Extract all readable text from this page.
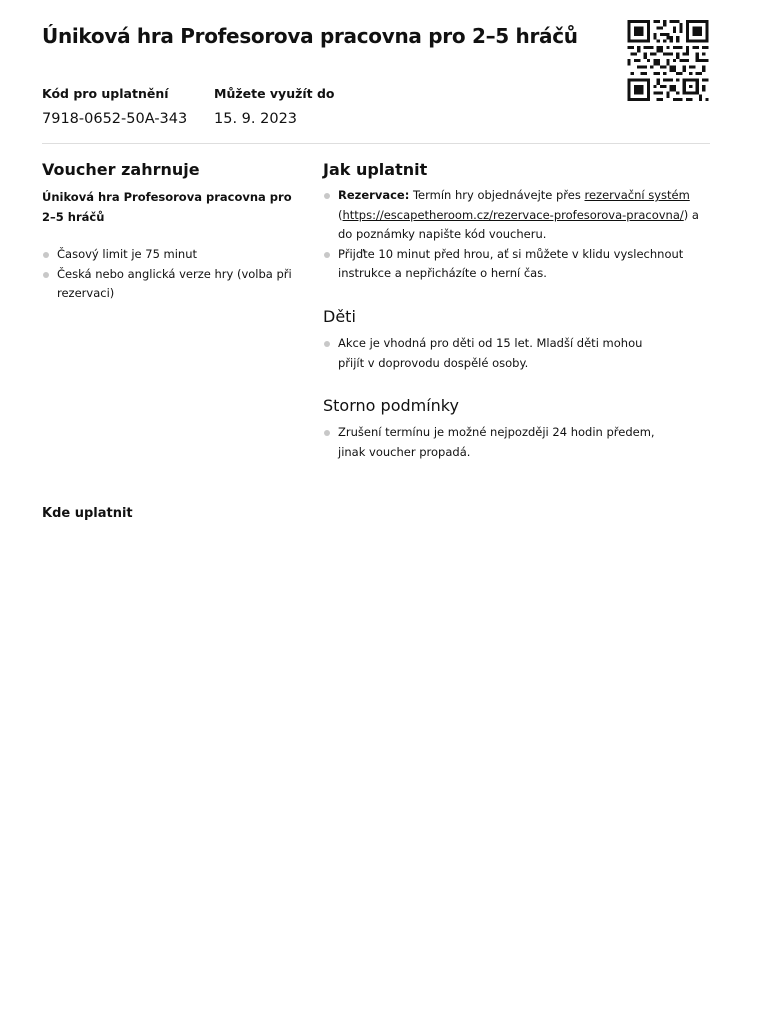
Úniková hra Profesorova pracovna pro 2–5 hráčů
Kód pro uplatnění
7918-0652-50A-343
Můžete využít do
15. 9. 2023
Voucher zahrnuje

Úniková hra Profesorova pracovna pro 2–5 hráčů

Časový limit je 75 minut
Česká nebo anglická verze hry (volba při rezervaci)
Jak uplatnit
Rezervace: Termín hry objednávejte přes rezervační systém (https://escapetheroom.cz/rezervace-profesorova-pracovna/) a do poznámky napište kód voucheru.
Přijďte 10 minut před hrou, ať si můžete v klidu vyslechnout instrukce a nepřicházíte o herní čas.
Děti
Akce je vhodná pro děti od 15 let. Mladší děti mohou přijít v doprovodu dospělé osoby.
Storno podmínky
Zrušení termínu je možné nejpozději 24 hodin předem, jinak voucher propadá.
Kde uplatnit
